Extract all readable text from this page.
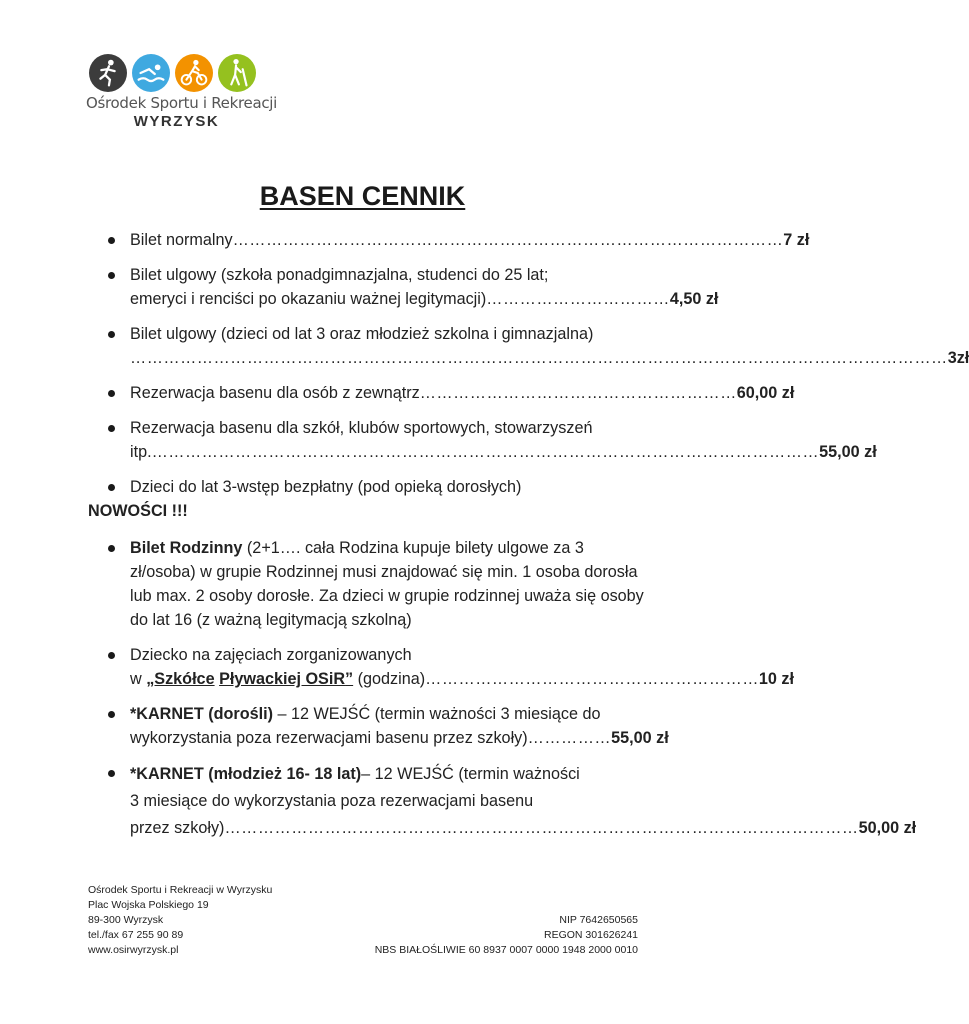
Ośrodek Sportu i Rekreacji
WYRZYSK
BASEN CENNIK
Bilet normalny ……………………………………………………………………………………… 7 zł
Bilet ulgowy (szkoła ponadgimnazjalna, studenci do 25 lat;
emeryci i renciści po okazaniu ważnej legitymacji) …………………………… 4,50 zł
Bilet ulgowy (dzieci od lat 3 oraz młodzież szkolna i gimnazjalna)
………………………………………………………………………………………………………………………………… 3zł
Rezerwacja basenu dla osób z zewnątrz ………………………………………………… 60,00 zł
Rezerwacja basenu dla szkół, klubów sportowych, stowarzyszeń
itp. ………………………………………………………………………………………………………… 55,00 zł
Dzieci do lat 3-wstęp bezpłatny (pod opieką dorosłych)
NOWOŚCI !!!
Bilet Rodzinny (2+1…. cała Rodzina kupuje bilety ulgowe za 3 zł/osoba) w grupie Rodzinnej musi znajdować się min. 1 osoba dorosła lub max. 2 osoby dorosłe. Za dzieci w grupie rodzinnej uważa się osoby do lat 16 (z ważną legitymacją szkolną)
Dziecko na zajęciach zorganizowanych
w „Szkółce Pływackiej OSiR” (godzina) …………………………………………………… 10 zł
*KARNET (dorośli) – 12 WEJŚĆ (termin ważności 3 miesiące do
wykorzystania poza rezerwacjami basenu przez szkoły) …………… 55,00 zł
*KARNET (młodzież 16- 18 lat)– 12 WEJŚĆ (termin ważności
3 miesiące do wykorzystania poza rezerwacjami basenu
przez szkoły) …………………………………………………………………………………………………… 50,00 zł
Ośrodek Sportu i Rekreacji w Wyrzysku
Plac Wojska Polskiego 19
89-300 Wyrzysk	NIP 7642650565
tel./fax 67 255 90 89	REGON 301626241
www.osirwyrzysk.pl	NBS BIAŁOŚLIWIE 60 8937 0007 0000 1948 2000 0010
